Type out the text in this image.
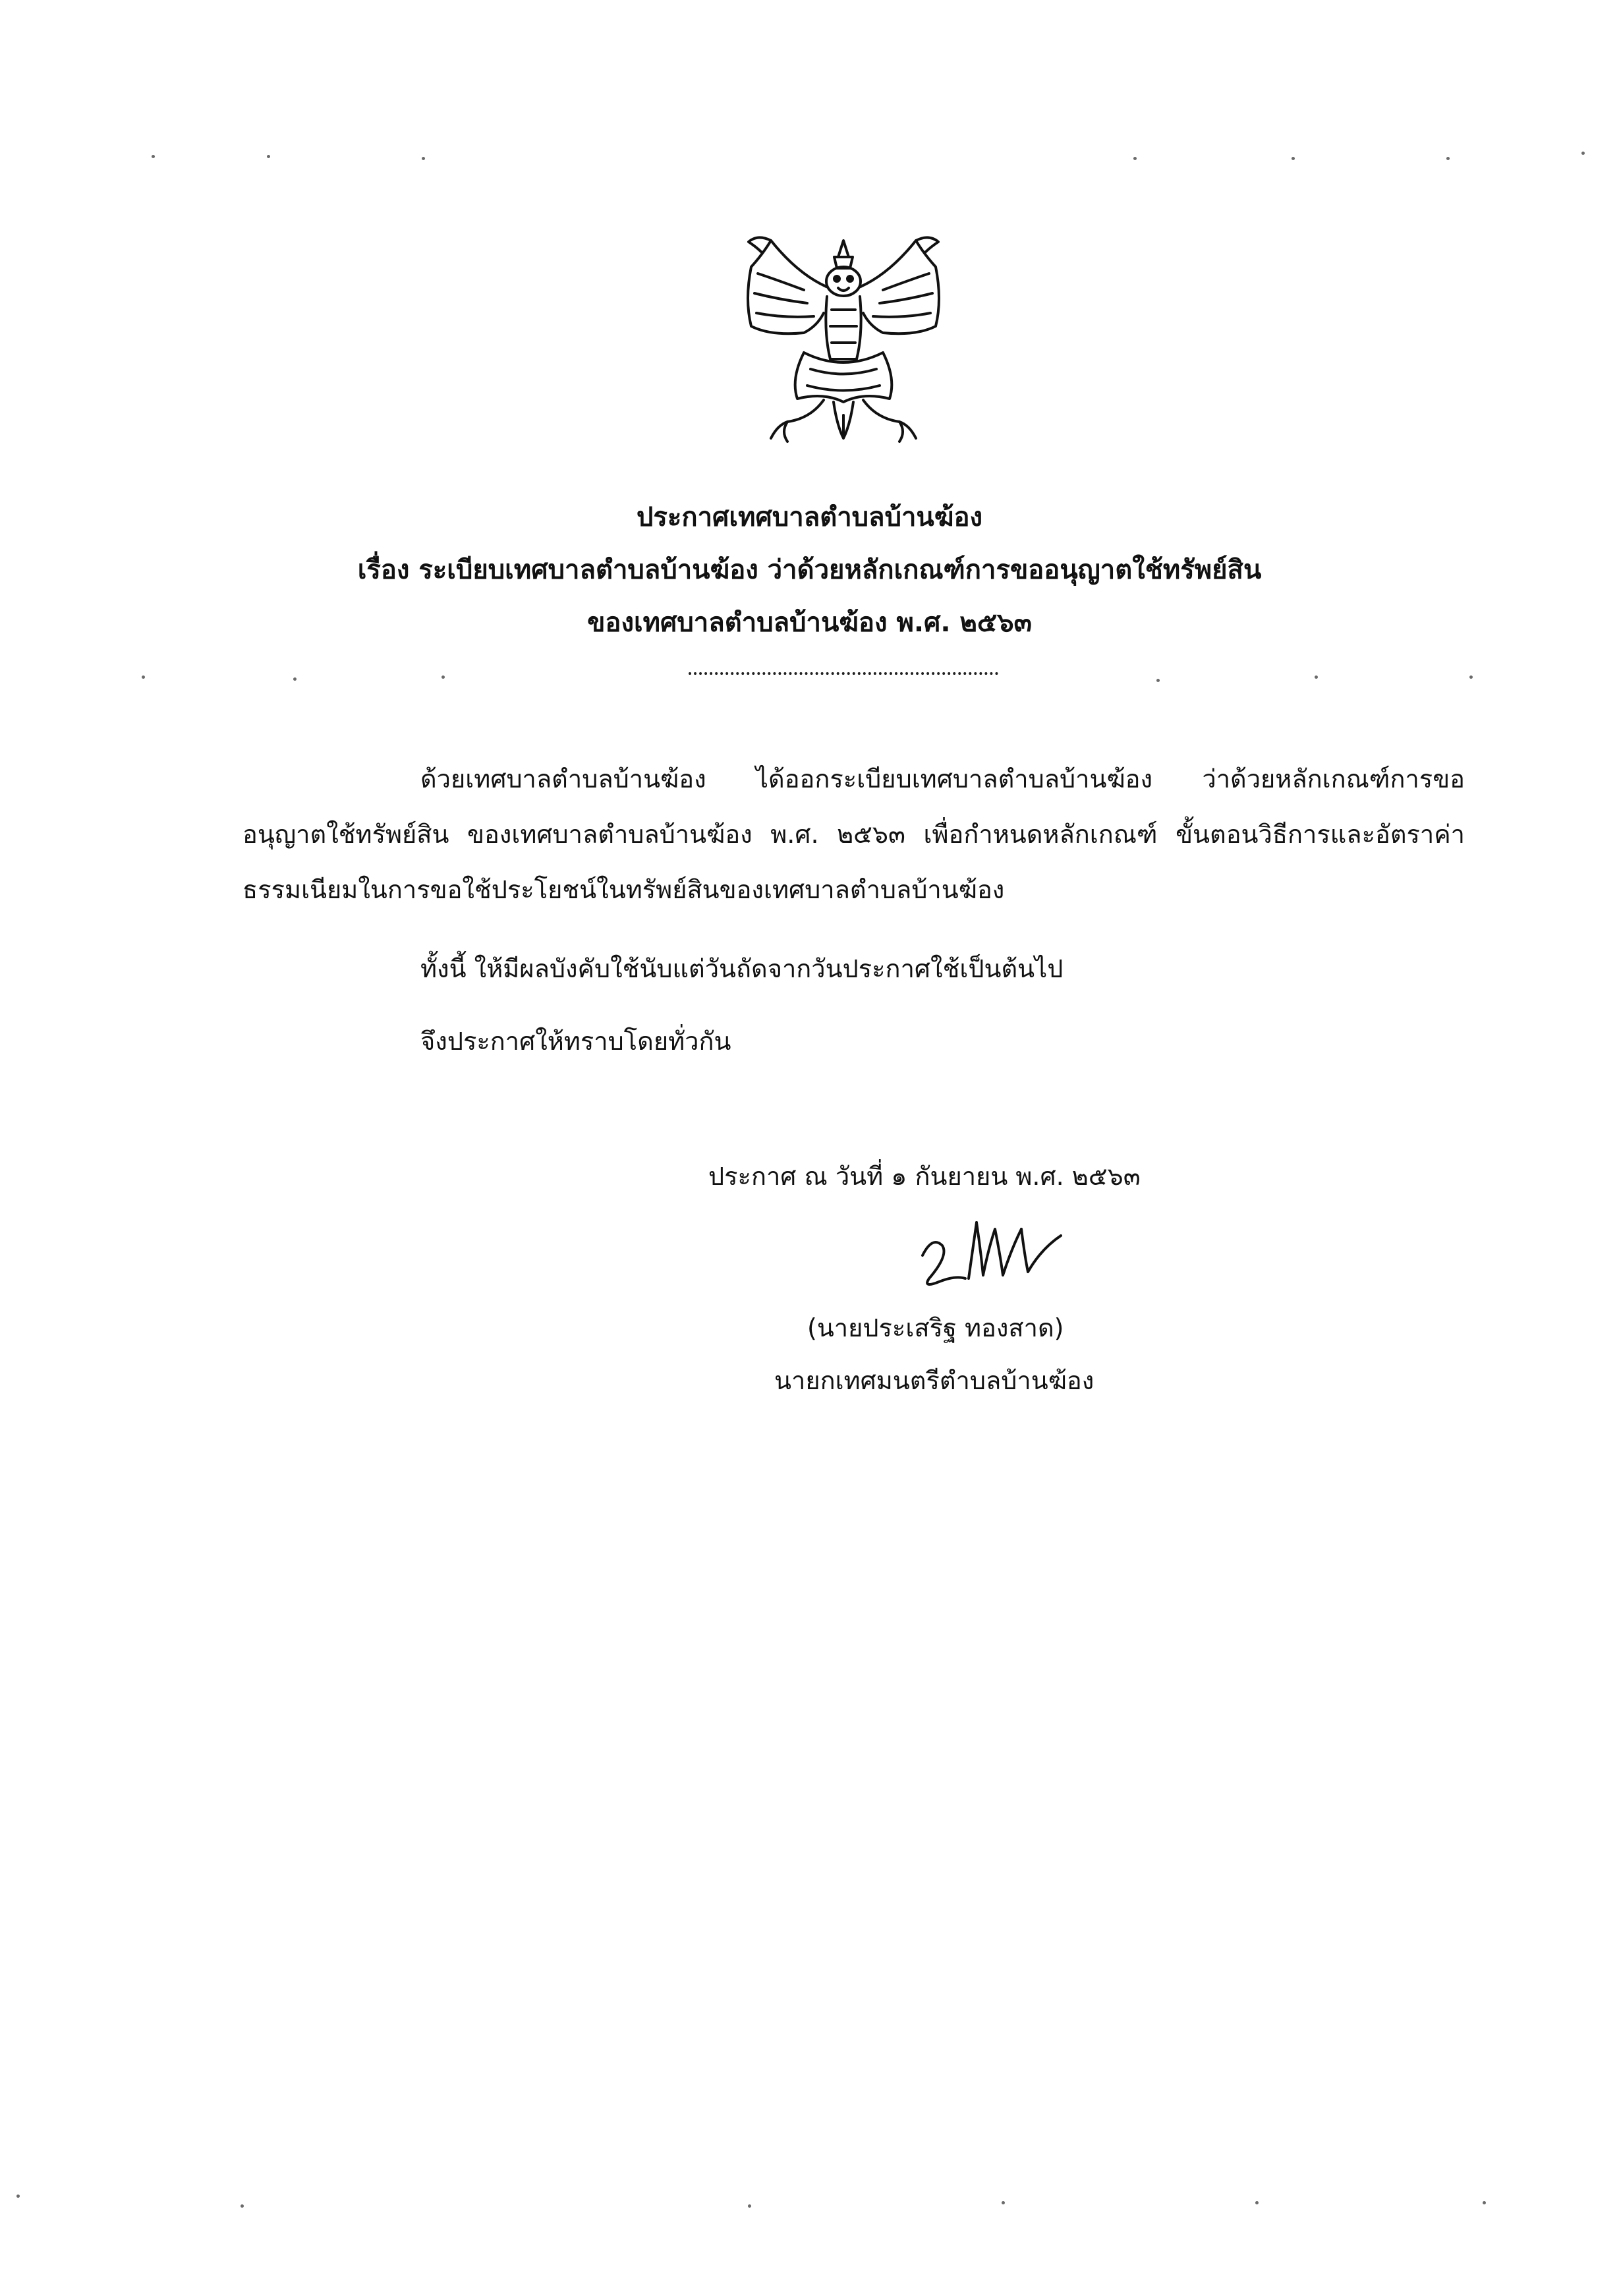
ประกาศเทศบาลตำบลบ้านฆ้อง
เรื่อง ระเบียบเทศบาลตำบลบ้านฆ้อง ว่าด้วยหลักเกณฑ์การขออนุญาตใช้ทรัพย์สิน
ของเทศบาลตำบลบ้านฆ้อง พ.ศ. ๒๕๖๓
ด้วยเทศบาลตำบลบ้านฆ้อง ได้ออกระเบียบเทศบาลตำบลบ้านฆ้อง ว่าด้วยหลักเกณฑ์การขออนุญาตใช้ทรัพย์สิน ของเทศบาลตำบลบ้านฆ้อง พ.ศ. ๒๕๖๓ เพื่อกำหนดหลักเกณฑ์ ขั้นตอนวิธีการและอัตราค่าธรรมเนียมในการขอใช้ประโยชน์ในทรัพย์สินของเทศบาลตำบลบ้านฆ้อง
ทั้งนี้ ให้มีผลบังคับใช้นับแต่วันถัดจากวันประกาศใช้เป็นต้นไป
จึงประกาศให้ทราบโดยทั่วกัน
ประกาศ ณ วันที่ ๑ กันยายน พ.ศ. ๒๕๖๓
(นายประเสริฐ ทองสาด)
นายกเทศมนตรีตำบลบ้านฆ้อง
